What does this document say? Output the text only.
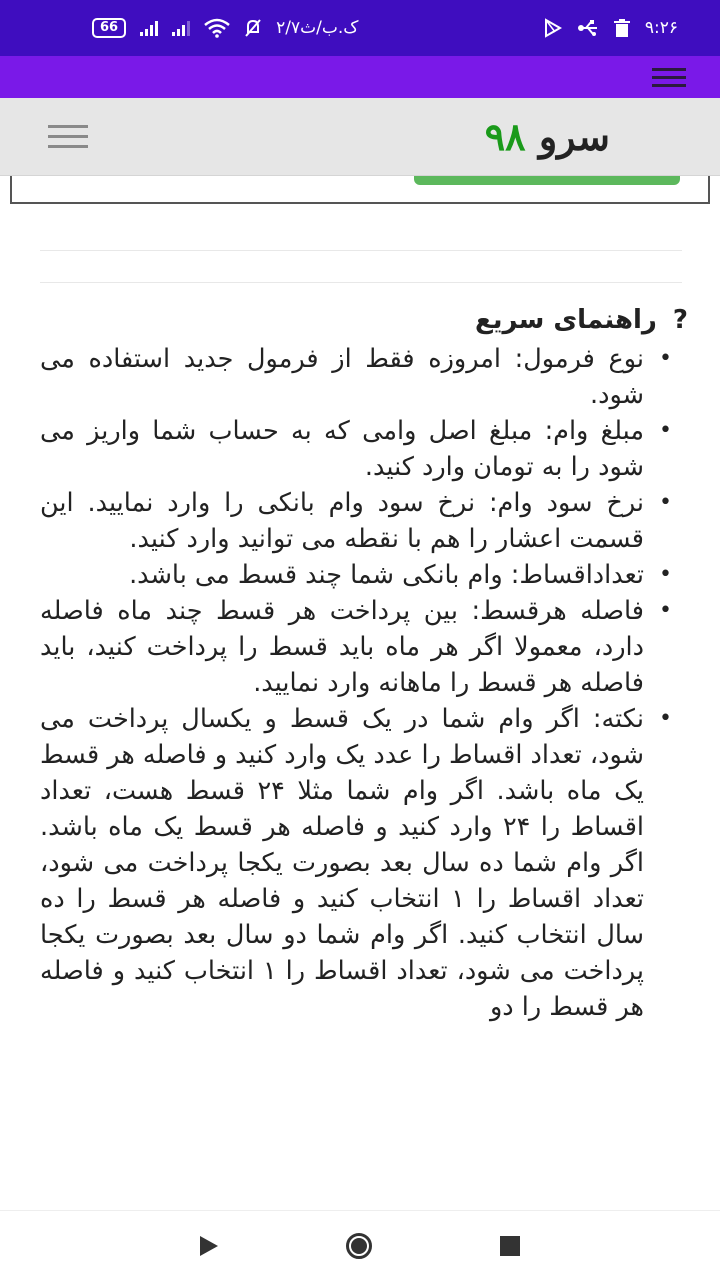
66	۲/۷ک.ب/ث	۹:۲۶
سرو ۹۸
?
راهنمای سریع
• نوع فرمول: امروزه فقط از فرمول جدید استفاده می شود.
• مبلغ وام: مبلغ اصل وامی که به حساب شما واریز می شود را به تومان وارد کنید.
• نرخ سود وام: نرخ سود وام بانکی را وارد نمایید. این قسمت اعشار را هم با نقطه می توانید وارد کنید.
• تعداداقساط: وام بانکی شما چند قسط می باشد.
• فاصله هرقسط: بین پرداخت هر قسط چند ماه فاصله دارد، معمولا اگر هر ماه باید قسط را پرداخت کنید، باید فاصله هر قسط را ماهانه وارد نمایید.
• نکته: اگر وام شما در یک قسط و یکسال پرداخت می شود، تعداد اقساط را عدد یک وارد کنید و فاصله هر قسط یک ماه باشد. اگر وام شما مثلا ۲۴ قسط هست، تعداد اقساط را ۲۴ وارد کنید و فاصله هر قسط یک ماه باشد. اگر وام شما ده سال بعد بصورت یکجا پرداخت می شود، تعداد اقساط را ۱ انتخاب کنید و فاصله هر قسط را ده سال انتخاب کنید. اگر وام شما دو سال بعد بصورت یکجا پرداخت می شود، تعداد اقساط را ۱ انتخاب کنید و فاصله هر قسط را دو
